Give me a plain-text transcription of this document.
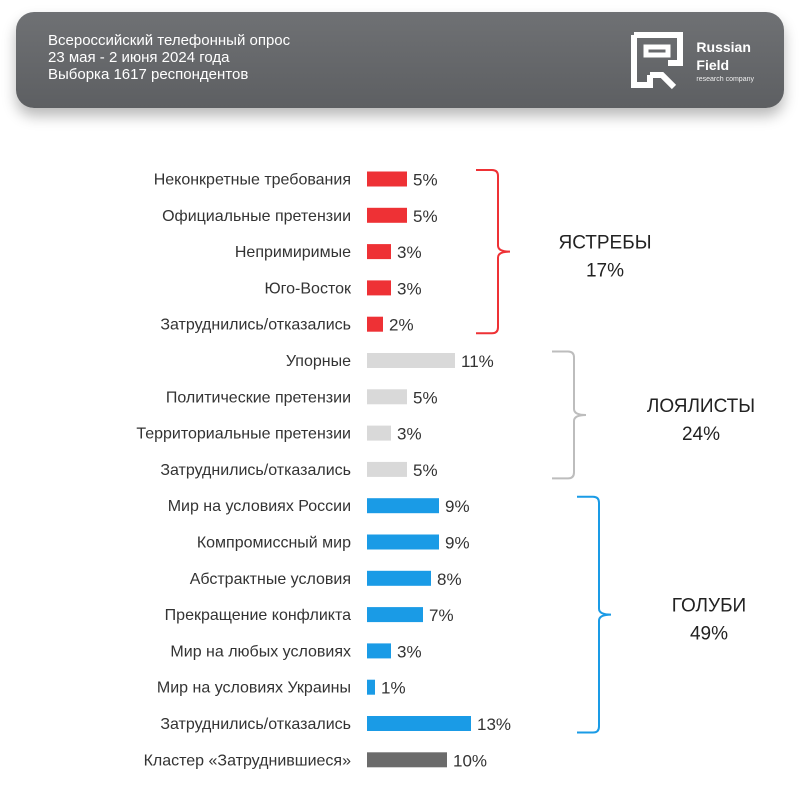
Всероссийский телефонный опрос
23 мая - 2 июня 2024 года
Выборка 1617 респондентов
Russian
Field
research company
Неконкретные требования	5%
Официальные претензии	5%
Непримиримые	3%
Юго-Восток	3%
Затруднились/отказались 2%
Упорные	11%
Политические претензии	5%
Территориальные претензии	3%
Затруднились/отказались	5%
Мир на условиях России	9%
Компромиссный мир	9%
Абстрактные условия	8%
Прекращение конфликта	7%
Мир на любых условиях	3%
Мир на условиях Украины 1%
Затруднились/отказались	13%
Кластер «Затруднившиеся»	10%
ЯСТРЕБЫ
17%
ЛОЯЛИСТЫ
24%
ГОЛУБИ
49%
